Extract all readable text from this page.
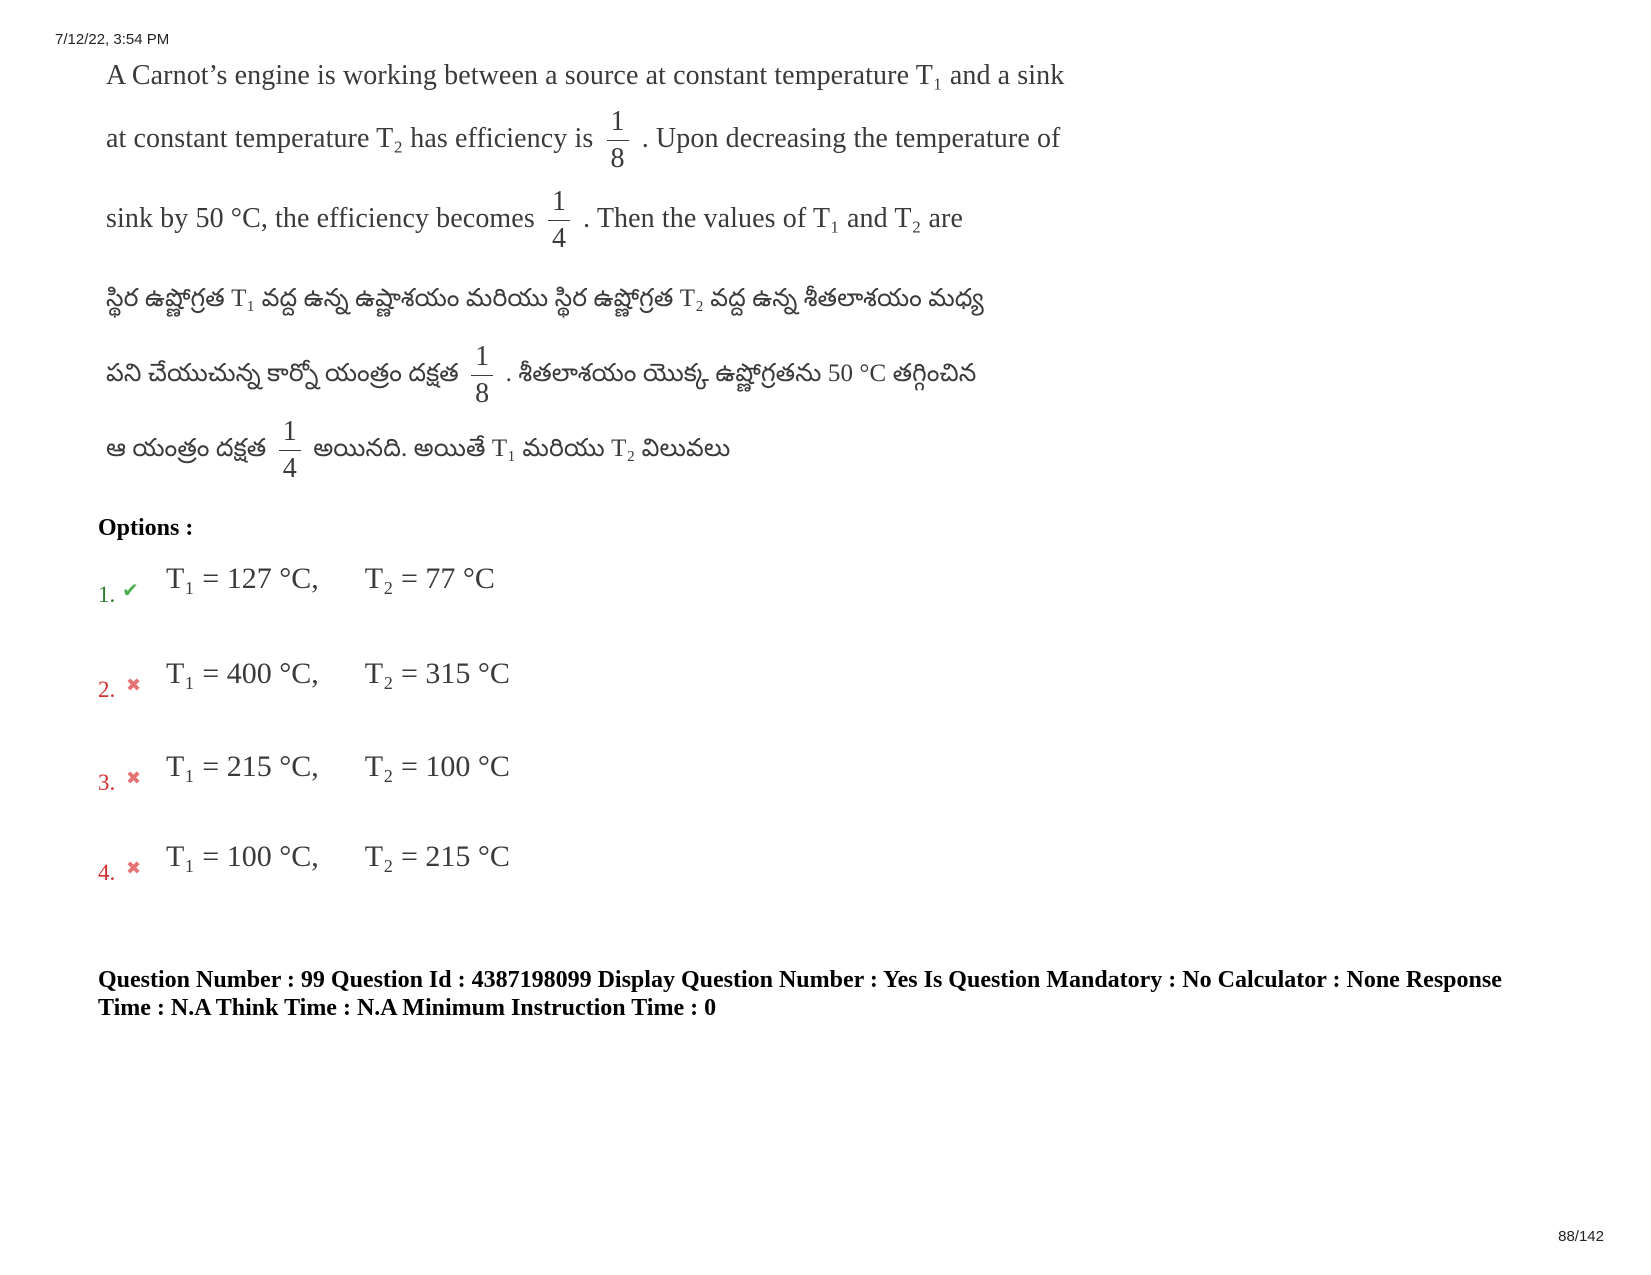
7/12/22, 3:54 PM
A Carnot’s engine is working between a source at constant temperature T₁ and a sink
at constant temperature T₂ has efficiency is $\frac{1}{8}$ . Upon decreasing the temperature of
sink by 50 °C, the efficiency becomes $\frac{1}{4}$ . Then the values of T₁ and T₂ are
స్థిర ఉష్ణోగ్రత T₁ వద్ద ఉన్న ఉష్ణాశయం మరియు స్థిర ఉష్ణోగ్రత T₂ వద్ద ఉన్న శీతలాశయం మధ్య
పని చేయుచున్న కార్నో యంత్రం దక్షత $\frac{1}{8}$ . శీతలాశయం యొక్క ఉష్ణోగ్రతను 50 °C తగ్గించిన
ఆ యంత్రం దక్షత $\frac{1}{4}$ అయినది. అయితే T₁ మరియు T₂ విలువలు
Options :
1. ✔ T₁ = 127 °C, T₂ = 77 °C
2. ✖ T₁ = 400 °C, T₂ = 315 °C
3. ✖ T₁ = 215 °C, T₂ = 100 °C
4. ✖ T₁ = 100 °C, T₂ = 215 °C
Question Number : 99 Question Id : 4387198099 Display Question Number : Yes Is Question Mandatory : No Calculator : None Response
Time : N.A Think Time : N.A Minimum Instruction Time : 0
88/142
